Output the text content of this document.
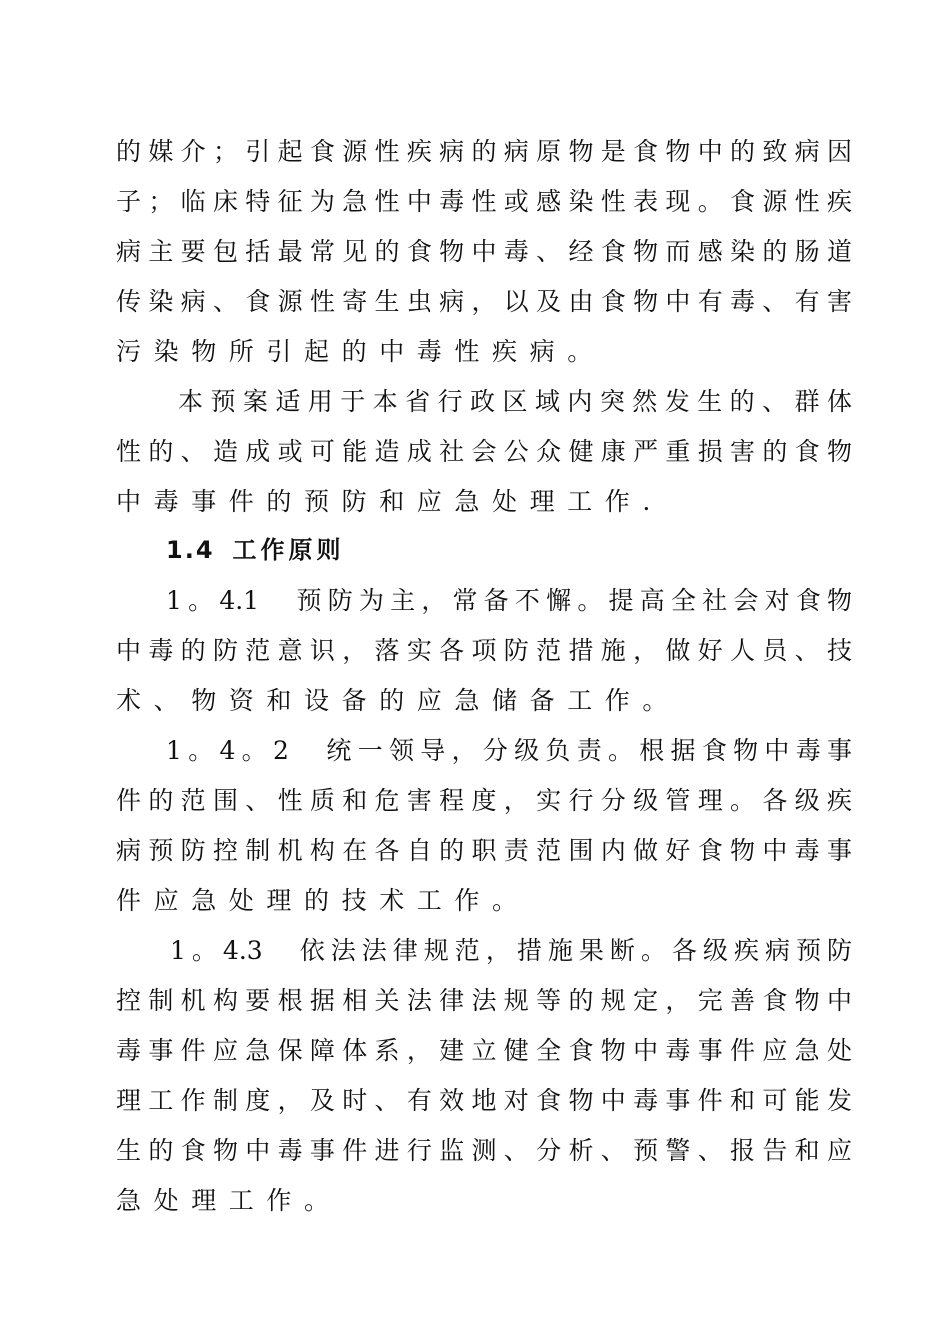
的媒介；引起食源性疾病的病原物是食物中的致病因
子；临床特征为急性中毒性或感染性表现。食源性疾
病主要包括最常见的食物中毒、经食物而感染的肠道
传染病、食源性寄生虫病，以及由食物中有毒、有害
污染物所引起的中毒性疾病。
本预案适用于本省行政区域内突然发生的、群体
性的、造成或可能造成社会公众健康严重损害的食物
中毒事件的预防和应急处理工作.
1.4 工作原则
1。4.1　预防为主，常备不懈。提高全社会对食物
中毒的防范意识，落实各项防范措施，做好人员、技
术、物资和设备的应急储备工作。
1。4。2　统一领导，分级负责。根据食物中毒事
件的范围、性质和危害程度，实行分级管理。各级疾
病预防控制机构在各自的职责范围内做好食物中毒事
件应急处理的技术工作。
1。4.3　依法法律规范，措施果断。各级疾病预防
控制机构要根据相关法律法规等的规定，完善食物中
毒事件应急保障体系，建立健全食物中毒事件应急处
理工作制度，及时、有效地对食物中毒事件和可能发
生的食物中毒事件进行监测、分析、预警、报告和应
急处理工作。
